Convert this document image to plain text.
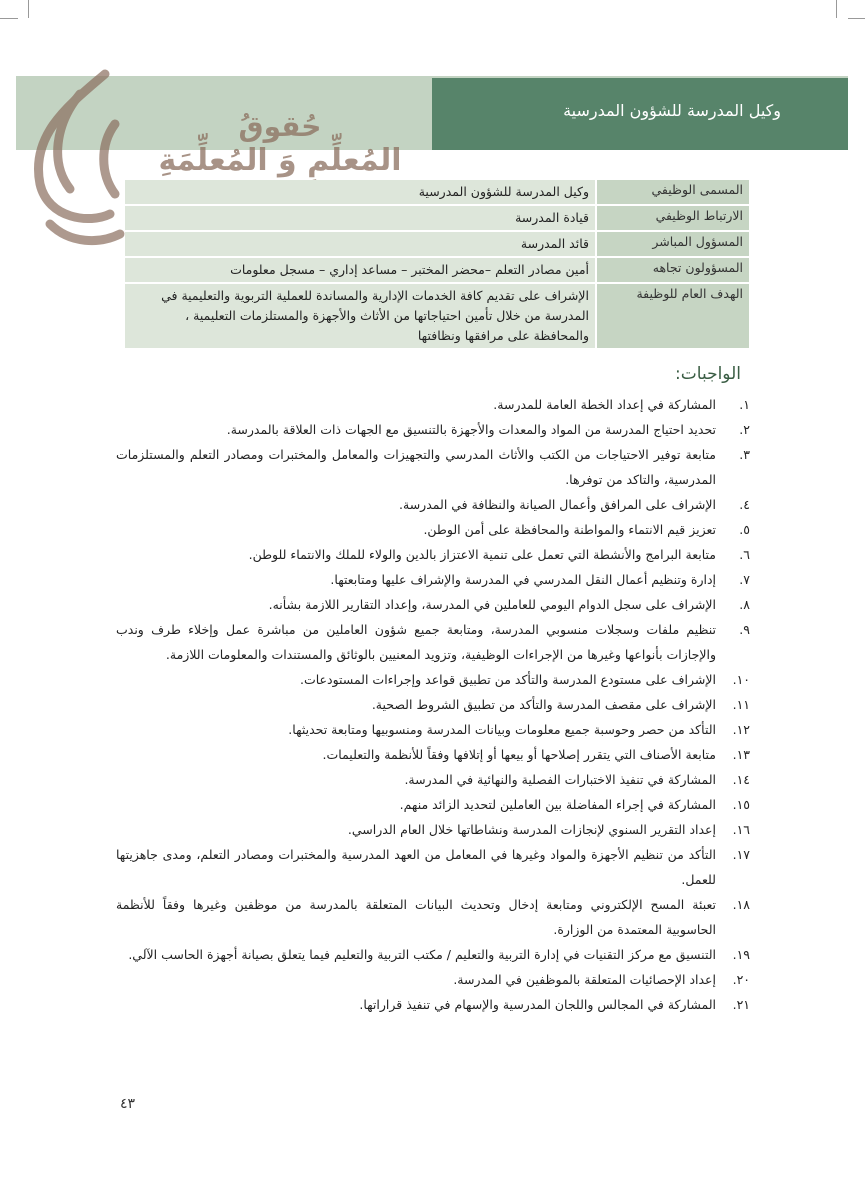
وكيل المدرسة للشؤون المدرسية
حُقوقُ
المُعلِّمِ وَ المُعلِّمَةِ
المسمى الوظيفي	وكيل المدرسة للشؤون المدرسية
الارتباط الوظيفي	قيادة المدرسة
المسؤول المباشر	قائد المدرسة
المسؤولون تجاهه	أمين مصادر التعلم –محضر المختبر – مساعد إداري – مسجل معلومات
الهدف العام للوظيفة	الإشراف على تقديم كافة الخدمات الإدارية والمساندة للعملية التربوية والتعليمية في المدرسة من خلال تأمين احتياجاتها من الأثاث والأجهزة والمستلزمات التعليمية ، والمحافظة على مرافقها ونظافتها
الواجبات:
١.
المشاركة في إعداد الخطة العامة للمدرسة.
٢.
تحديد احتياج المدرسة من المواد والمعدات والأجهزة بالتنسيق مع الجهات ذات العلاقة بالمدرسة.
٣.
متابعة توفير الاحتياجات من الكتب والأثاث المدرسي والتجهيزات والمعامل والمختبرات ومصادر التعلم والمستلزمات المدرسية، والتاكد من توفرها.
٤.
الإشراف على المرافق وأعمال الصيانة والنظافة في المدرسة.
٥.
تعزيز قيم الانتماء والمواطنة والمحافظة على أمن الوطن.
٦.
متابعة البرامج والأنشطة التي تعمل على تنمية الاعتزاز بالدين والولاء للملك والانتماء للوطن.
٧.
إدارة وتنظيم أعمال النقل المدرسي في المدرسة والإشراف عليها ومتابعتها.
٨.
الإشراف على سجل الدوام اليومي للعاملين في المدرسة، وإعداد التقارير اللازمة بشأنه.
٩.
تنظيم ملفات وسجلات منسوبي المدرسة، ومتابعة جميع شؤون العاملين من مباشرة عمل وإخلاء طرف وندب والإجازات بأنواعها وغيرها من الإجراءات الوظيفية، وتزويد المعنيين بالوثائق والمستندات والمعلومات اللازمة.
١٠.
الإشراف على مستودع المدرسة والتأكد من تطبيق قواعد وإجراءات المستودعات.
١١.
الإشراف على مقصف المدرسة والتأكد من تطبيق الشروط الصحية.
١٢.
التأكد من حصر وحوسبة جميع معلومات وبيانات المدرسة ومنسوبيها ومتابعة تحديثها.
١٣.
متابعة الأصناف التي يتقرر إصلاحها أو بيعها أو إتلافها وفقاً للأنظمة والتعليمات.
١٤.
المشاركة في تنفيذ الاختبارات الفصلية والنهائية في المدرسة.
١٥.
المشاركة في إجراء المفاضلة بين العاملين لتحديد الزائد منهم.
١٦.
إعداد التقرير السنوي لإنجازات المدرسة ونشاطاتها خلال العام الدراسي.
١٧.
التأكد من تنظيم الأجهزة والمواد وغيرها في المعامل من العهد المدرسية والمختبرات ومصادر التعلم، ومدى جاهزيتها للعمل.
١٨.
تعبئة المسح الإلكتروني ومتابعة إدخال وتحديث البيانات المتعلقة بالمدرسة من موظفين وغيرها وفقاً للأنظمة الحاسوبية المعتمدة من الوزارة.
١٩.
التنسيق مع مركز التقنيات في إدارة التربية والتعليم / مكتب التربية والتعليم فيما يتعلق بصيانة أجهزة الحاسب الآلي.
٢٠.
إعداد الإحصائيات المتعلقة بالموظفين في المدرسة.
٢١.
المشاركة في المجالس واللجان المدرسية والإسهام في تنفيذ قراراتها.
٤٣
